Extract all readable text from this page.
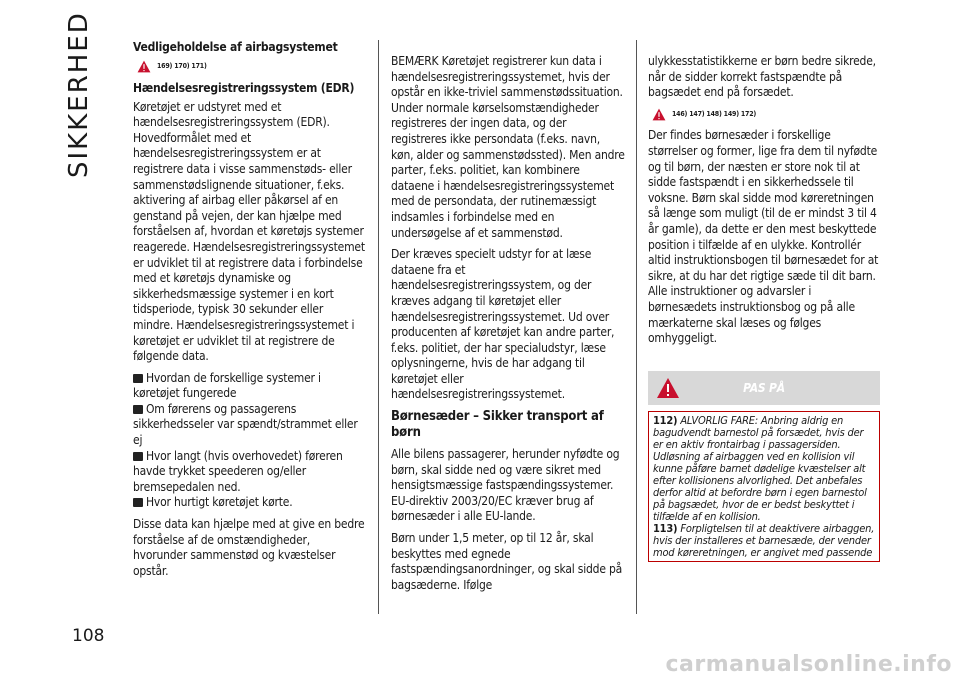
SIKKERHED
108
Vedligeholdelse af airbagsystemet
169) 170) 171)
Hændelsesregistreringssystem (EDR)

Køretøjet er udstyret med et hændelsesregistreringssystem (EDR). Hovedformålet med et hændelsesregistreringssystem er at registrere data i visse sammenstøds- eller sammenstødslignende situationer, f.eks. aktivering af airbag eller påkørsel af en genstand på vejen, der kan hjælpe med forståelsen af, hvordan et køretøjs systemer reagerede. Hændelsesregistreringssystemet er udviklet til at registrere data i forbindelse med et køretøjs dynamiske og sikkerhedsmæssige systemer i en kort tidsperiode, typisk 30 sekunder eller mindre. Hændelsesregistreringssystemet i køretøjet er udviklet til at registrere de følgende data.

Hvordan de forskellige systemer i køretøjet fungerede
Om førerens og passagerens sikkerhedsseler var spændt/strammet eller ej
Hvor langt (hvis overhovedet) føreren havde trykket speederen og/eller bremsepedalen ned.
Hvor hurtigt køretøjet kørte.

Disse data kan hjælpe med at give en bedre forståelse af de omstændigheder, hvorunder sammenstød og kvæstelser opstår.

BEMÆRK Køretøjet registrerer kun data i hændelsesregistreringssystemet, hvis der opstår en ikke-triviel sammenstødssituation. Under normale kørselsomstændigheder registreres der ingen data, og der registreres ikke persondata (f.eks. navn, køn, alder og sammenstødssted). Men andre parter, f.eks. politiet, kan kombinere dataene i hændelsesregistreringssystemet med de persondata, der rutinemæssigt indsamles i forbindelse med en undersøgelse af et sammenstød.

Der kræves specielt udstyr for at læse dataene fra et hændelsesregistreringssystem, og der kræves adgang til køretøjet eller hændelsesregistreringssystemet. Ud over producenten af køretøjet kan andre parter, f.eks. politiet, der har specialudstyr, læse oplysningerne, hvis de har adgang til køretøjet eller hændelsesregistreringssystemet.

Børnesæder – Sikker transport af børn

Alle bilens passagerer, herunder nyfødte og børn, skal sidde ned og være sikret med hensigtsmæssige fastspændingssystemer. EU-direktiv 2003/20/EC kræver brug af børnesæder i alle EU-lande.

Børn under 1,5 meter, op til 12 år, skal beskyttes med egnede fastspændingsanordninger, og skal sidde på bagsæderne. Ifølge

ulykkesstatistikkerne er børn bedre sikrede, når de sidder korrekt fastspændte på bagsædet end på forsædet.

146) 147) 148) 149) 172)

Der findes børnesæder i forskellige størrelser og former, lige fra dem til nyfødte og til børn, der næsten er store nok til at sidde fastspændt i en sikkerhedssele til voksne. Børn skal sidde mod køreretningen så længe som muligt (til de er mindst 3 til 4 år gamle), da dette er den mest beskyttede position i tilfælde af en ulykke. Kontrollér altid instruktionsbogen til børnesædet for at sikre, at du har det rigtige sæde til dit barn. Alle instruktioner og advarsler i børnesædets instruktionsbog og på alle mærkaterne skal læses og følges omhyggeligt.

PAS PÅ
112) ALVORLIG FARE: Anbring aldrig en bagudvendt barnestol på forsædet, hvis der er en aktiv frontairbag i passagersiden. Udløsning af airbaggen ved en kollision vil kunne påføre barnet dødelige kvæstelser alt efter kollisionens alvorlighed. Det anbefales derfor altid at befordre børn i egen barnestol på bagsædet, hvor de er bedst beskyttet i tilfælde af en kollision.
113) Forpligtelsen til at deaktivere airbaggen, hvis der installeres et barnesæde, der vender mod køreretningen, er angivet med passende
carmanualsonline.info
